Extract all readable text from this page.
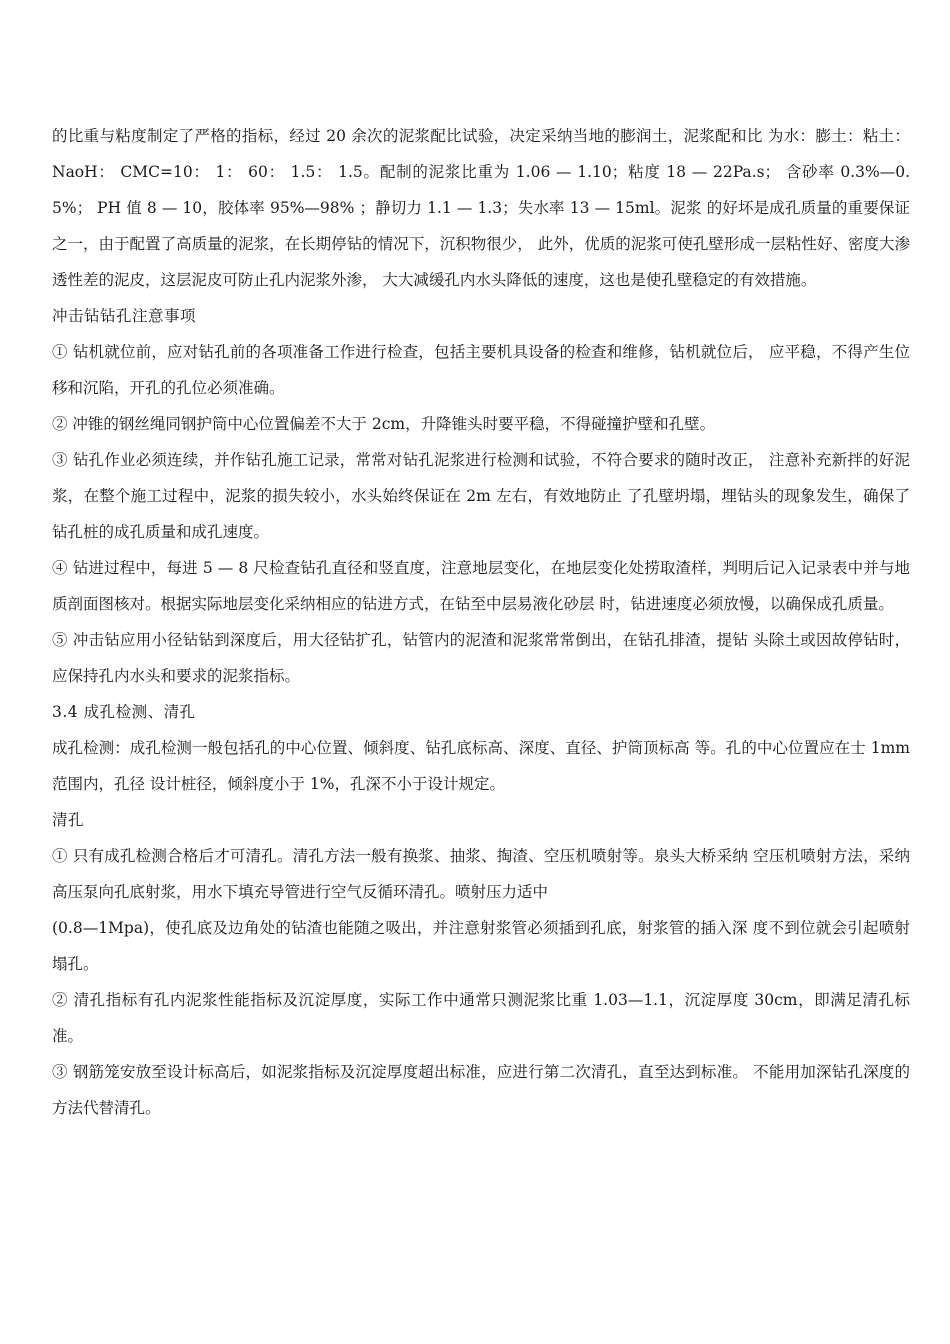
的比重与粘度制定了严格的指标，经过 20 余次的泥浆配比试验，决定采纳当地的膨润土，泥浆配和比 为水：膨土：粘土： NaoH： CMC=10： 1： 60： 1.5： 1.5。配制的泥浆比重为 1.06 — 1.10；粘度 18 — 22Pa.s； 含砂率 0.3%—0.5%； PH 值 8 — 10，胶体率 95%—98% ；静切力 1.1 — 1.3；失水率 13 — 15ml。泥浆 的好坏是成孔质量的重要保证之一，由于配置了高质量的泥浆，在长期停钻的情况下，沉积物很少， 此外，优质的泥浆可使孔壁形成一层粘性好、密度大渗透性差的泥皮，这层泥皮可防止孔内泥浆外渗， 大大减缓孔内水头降低的速度，这也是使孔壁稳定的有效措施。

冲击钻钻孔注意事项

① 钻机就位前，应对钻孔前的各项准备工作进行检查，包括主要机具设备的检查和维修，钻机就位后， 应平稳，不得产生位移和沉陷，开孔的孔位必须准确。

② 冲锥的钢丝绳同钢护筒中心位置偏差不大于 2cm，升降锥头时要平稳，不得碰撞护壁和孔壁。

③ 钻孔作业必须连续，并作钻孔施工记录，常常对钻孔泥浆进行检测和试验，不符合要求的随时改正， 注意补充新拌的好泥浆，在整个施工过程中，泥浆的损失较小，水头始终保证在 2m 左右，有效地防止 了孔壁坍塌，埋钻头的现象发生，确保了钻孔桩的成孔质量和成孔速度。

④ 钻进过程中，每进 5 — 8 尺检查钻孔直径和竖直度，注意地层变化，在地层变化处捞取渣样，判明后记入记录表中并与地质剖面图核对。根据实际地层变化采纳相应的钻进方式，在钻至中层易液化砂层 时，钻进速度必须放慢，以确保成孔质量。

⑤ 冲击钻应用小径钻钻到深度后，用大径钻扩孔，钻管内的泥渣和泥浆常常倒出，在钻孔排渣，提钻 头除土或因故停钻时，应保持孔内水头和要求的泥浆指标。

3.4 成孔检测、清孔

成孔检测：成孔检测一般包括孔的中心位置、倾斜度、钻孔底标高、深度、直径、护筒顶标高 等。孔的中心位置应在士 1mm 范围内，孔径 设计桩径，倾斜度小于 1%，孔深不小于设计规定。

清孔

① 只有成孔检测合格后才可清孔。清孔方法一般有换浆、抽浆、掏渣、空压机喷射等。泉头大桥采纳 空压机喷射方法，采纳高压泵向孔底射浆，用水下填充导管进行空气反循环清孔。喷射压力适中

(0.8—1Mpa)，使孔底及边角处的钻渣也能随之吸出，并注意射浆管必须插到孔底，射浆管的插入深 度不到位就会引起喷射塌孔。

② 清孔指标有孔内泥浆性能指标及沉淀厚度，实际工作中通常只测泥浆比重 1.03—1.1，沉淀厚度 30cm，即满足清孔标准。

③ 钢筋笼安放至设计标高后，如泥浆指标及沉淀厚度超出标准，应进行第二次清孔，直至达到标准。 不能用加深钻孔深度的方法代替清孔。
